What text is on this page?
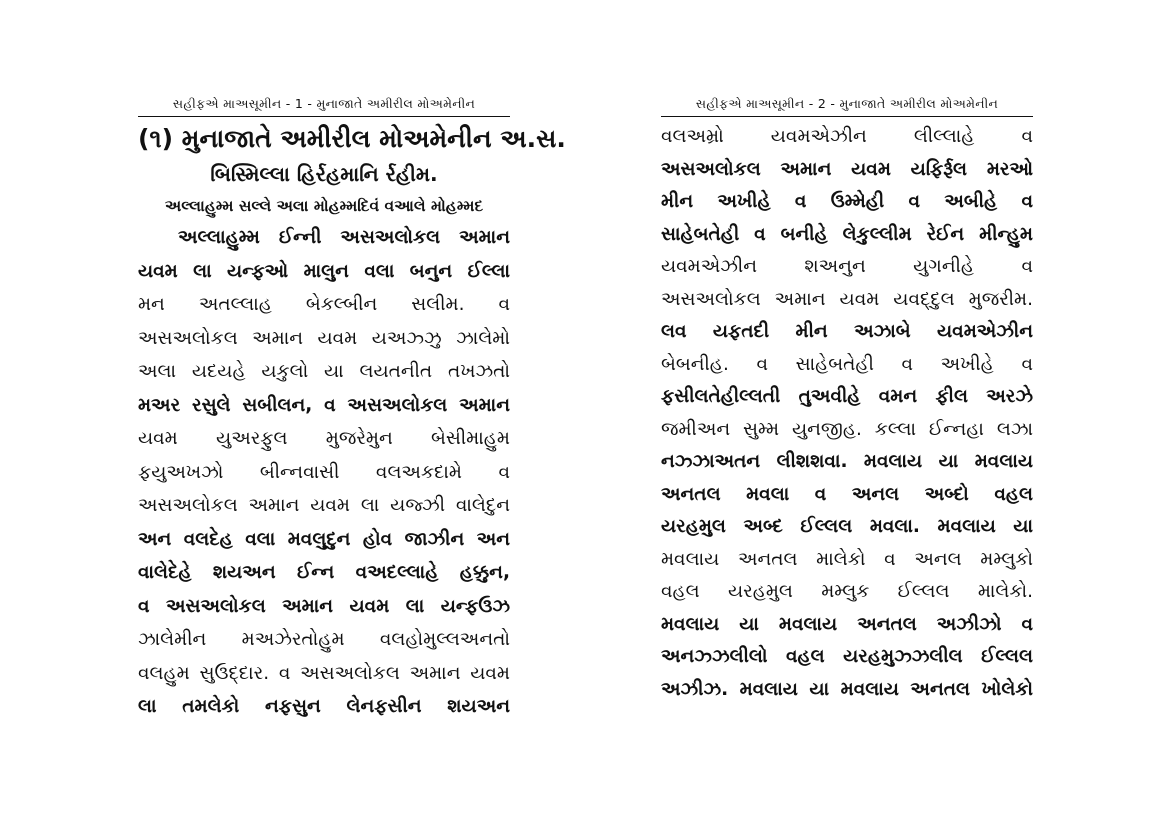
સહીફએ માઅસૂમીન - 1 - મુનાજાતે અમીરીલ મોઅમેનીન
(૧) મુનાજાતે અમીરીલ મોઅમેનીન અ.સ.
બિસ્મિલ્લા હિર્રહમાનિ ર્રહીમ.
અલ્લાહુમ્મ સલ્લે અલા મોહમ્મદિવં વઆલે મોહમ્મદ
અલ્લાહુમ્મ ઈન્ની અસઅલોકલ અમાન
યવમ લા યન્ફઓ માલુન વલા બનુન ઈલ્લા
મન અતલ્લાહ બેકલ્બીન સલીમ. વ
અસઅલોકલ અમાન યવમ યઅઝ્ઝુ ઝાલેમો
અલા યદયહે યકુલો યા લયતનીત તખઝતો
મઅર રસુલે સબીલન, વ અસઅલોકલ અમાન
યવમ યુઅરફુલ મુજરેમુન બેસીમાહુમ
ફયુઅખઝો બીન્નવાસી વલઅકદામે વ
અસઅલોકલ અમાન યવમ લા યજ્ઝી વાલેદુન
અન વલદેહ વલા મવલુદુન હોવ જાઝીન અન
વાલેદેહે શયઅન ઈન્ન વઅદલ્લાહે હક્કુન,
વ અસઅલોકલ અમાન યવમ લા યન્ફઉઝ
ઝાલેમીન મઅઝેરતોહુમ વલહોમુલ્લઅનતો
વલહુમ સુઉદ્દાર. વ અસઅલોકલ અમાન યવમ
લા તમલેકો નફસુન લેનફસીન શયઅન
સહીફએ માઅસૂમીન - 2 - મુનાજાતે અમીરીલ મોઅમેનીન
વલઅમ્રો યવમએઝીન લીલ્લાહે વ
અસઅલોકલ અમાન યવમ યફિર્રૂલ મરઓ
મીન અખીહે વ ઉમ્મેહી વ અબીહે વ
સાહેબતેહી વ બનીહે લેકુલ્લીમ રેઈન મીન્હુમ
યવમએઝીન શઅનુન યુગનીહે વ
અસઅલોકલ અમાન યવમ યવદ્દુલ મુજરીમ.
લવ યફતદી મીન અઝાબે યવમએઝીન
બેબનીહ. વ સાહેબતેહી વ અખીહે વ
ફસીલતેહીલ્લતી તુઅવીહે વમન ફીલ અરઝે
જમીઅન સુમ્મ યુનજીહ. કલ્લા ઈન્નહા લઝા
નઝ્ઝાઅતન લીશશવા. મવલાય યા મવલાય
અનતલ મવલા વ અનલ અબ્દો વહલ
યરહમુલ અબ્દ ઈલ્લલ મવલા. મવલાય યા
મવલાય અનતલ માલેકો વ અનલ મમ્લુકો
વહલ યરહમુલ મમ્લુક ઈલ્લલ માલેકો.
મવલાય યા મવલાય અનતલ અઝીઝો વ
અનઝ્ઝલીલો વહલ યરહમુઝ્ઝલીલ ઈલ્લલ
અઝીઝ. મવલાય યા મવલાય અનતલ ખોલેકો
